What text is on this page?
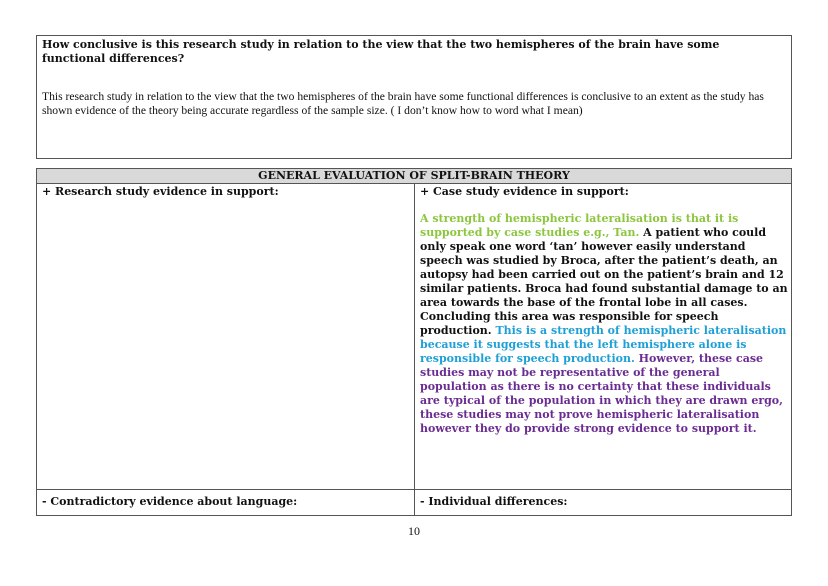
How conclusive is this research study in relation to the view that the two hemispheres of the brain have some functional differences?

This research study in relation to the view that the two hemispheres of the brain have some functional differences is conclusive to an extent as the study has shown evidence of the theory being accurate regardless of the sample size. ( I don’t know how to word what I mean)

GENERAL EVALUATION OF SPLIT-BRAIN THEORY
+ Research study evidence in support:	+ Case study evidence in support:
A strength of hemispheric lateralisation is that it is supported by case studies e.g., Tan. A patient who could only speak one word ‘tan’ however easily understand speech was studied by Broca, after the patient’s death, an autopsy had been carried out on the patient’s brain and 12 similar patients. Broca had found substantial damage to an area towards the base of the frontal lobe in all cases. Concluding this area was responsible for speech production. This is a strength of hemispheric lateralisation because it suggests that the left hemisphere alone is responsible for speech production. However, these case studies may not be representative of the general population as there is no certainty that these individuals are typical of the population in which they are drawn ergo, these studies may not prove hemispheric lateralisation however they do provide strong evidence to support it.
- Contradictory evidence about language:	- Individual differences:
10
